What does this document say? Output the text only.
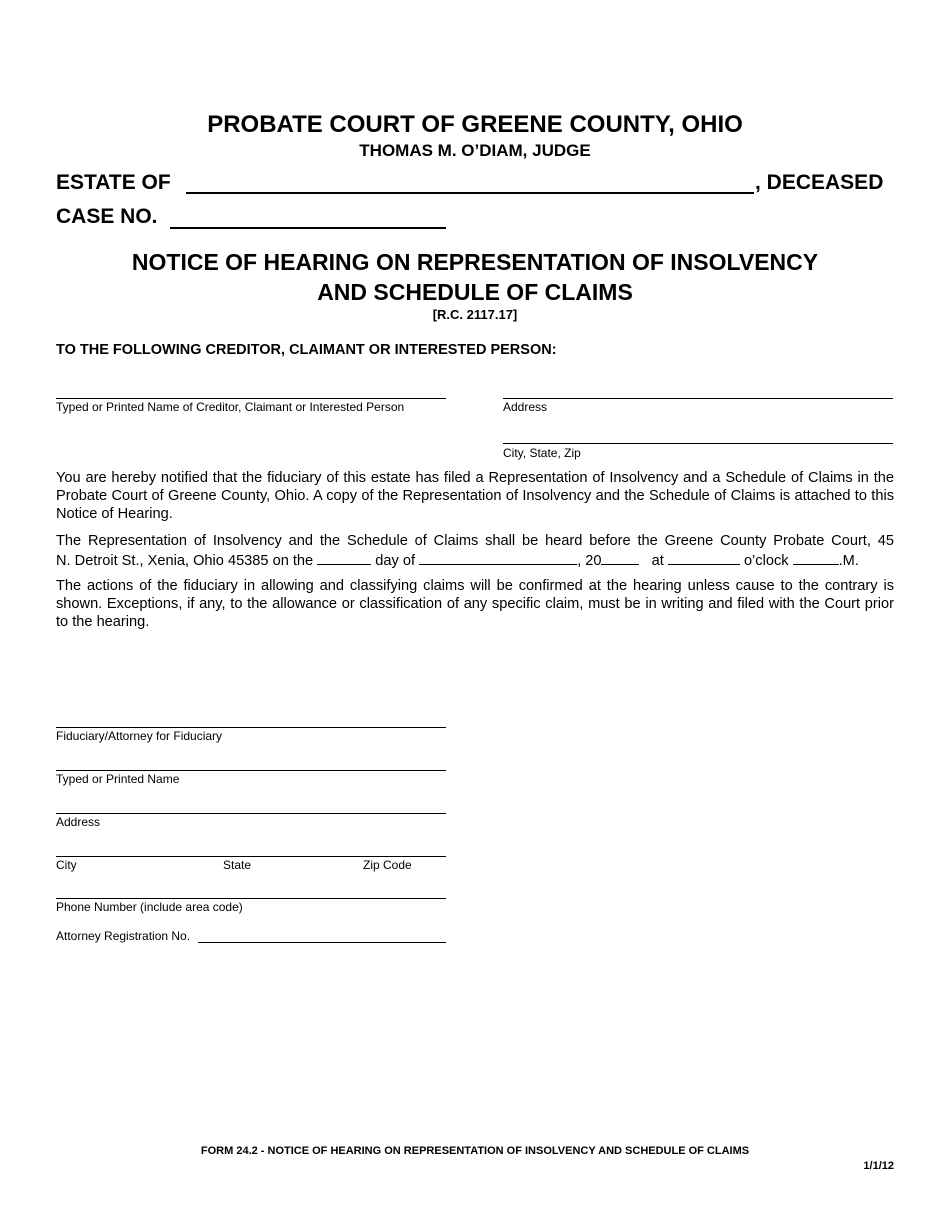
PROBATE COURT OF GREENE COUNTY, OHIO
THOMAS M. O’DIAM, JUDGE
ESTATE OF	, DECEASED
CASE NO.
NOTICE OF HEARING ON REPRESENTATION OF INSOLVENCY
AND SCHEDULE OF CLAIMS
[R.C. 2117.17]
TO THE FOLLOWING CREDITOR, CLAIMANT OR INTERESTED PERSON:
Typed or Printed Name of Creditor, Claimant or Interested Person	Address
City, State, Zip
You are hereby notified that the fiduciary of this estate has filed a Representation of Insolvency and a Schedule of Claims in the Probate Court of Greene County, Ohio. A copy of the Representation of Insolvency and the Schedule of Claims is attached to this Notice of Hearing.
The Representation of Insolvency and the Schedule of Claims shall be heard before the Greene County Probate Court, 45
N. Detroit St., Xenia, Ohio 45385 on the	day of	, 20	at	o’clock	.M.
The actions of the fiduciary in allowing and classifying claims will be confirmed at the hearing unless cause to the contrary is shown. Exceptions, if any, to the allowance or classification of any specific claim, must be in writing and filed with the Court prior to the hearing.
Fiduciary/Attorney for Fiduciary
Typed or Printed Name
Address
City	State	Zip Code
Phone Number (include area code)
Attorney Registration No.
FORM 24.2 - NOTICE OF HEARING ON REPRESENTATION OF INSOLVENCY AND SCHEDULE OF CLAIMS
1/1/12
